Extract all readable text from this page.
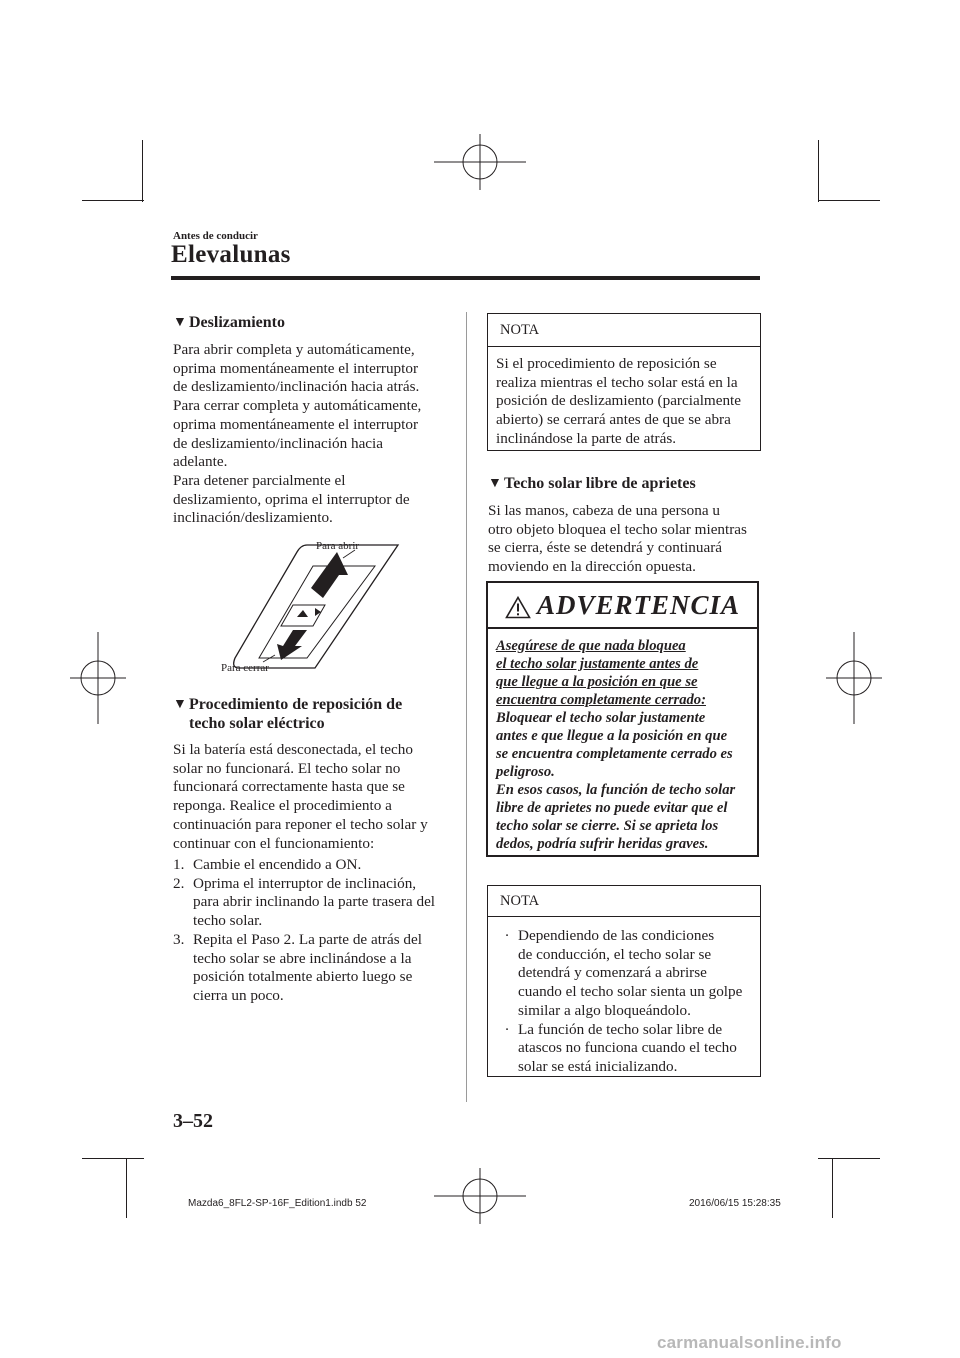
Antes de conducir
Elevalunas
▼ Deslizamiento

Para abrir completa y automáticamente,

oprima momentáneamente el interruptor

de deslizamiento/inclinación hacia atrás.

Para cerrar completa y automáticamente,

oprima momentáneamente el interruptor

de deslizamiento/inclinación hacia

adelante.

Para detener parcialmente el

deslizamiento, oprima el interruptor de

inclinación/deslizamiento.

Para abrir
Para cerrar
▼ Procedimiento de reposición de
techo solar eléctrico

Si la batería está desconectada, el techo

solar no funcionará. El techo solar no

funcionará correctamente hasta que se

reponga. Realice el procedimiento a

continuación para reponer el techo solar y

continuar con el funcionamiento:

1. Cambie el encendido a ON.
2. Oprima el interruptor de inclinación,
para abrir inclinando la parte trasera del
techo solar.
3. Repita el Paso 2. La parte de atrás del
techo solar se abre inclinándose a la
posición totalmente abierto luego se
cierra un poco.
NOTA

Si el procedimiento de reposición se

realiza mientras el techo solar está en la

posición de deslizamiento (parcialmente

abierto) se cerrará antes de que se abra

inclinándose la parte de atrás.

▼ Techo solar libre de aprietes

Si las manos, cabeza de una persona u

otro objeto bloquea el techo solar mientras

se cierra, éste se detendrá y continuará

moviendo en la dirección opuesta.

ADVERTENCIA
Asegúrese de que nada bloquea
el techo solar justamente antes de
que llegue a la posición en que se
encuentra completamente cerrado:
Bloquear el techo solar justamente
antes e que llegue a la posición en que
se encuentra completamente cerrado es
peligroso.
En esos casos, la función de techo solar
libre de aprietes no puede evitar que el
techo solar se cierre. Si se aprieta los
dedos, podría sufrir heridas graves.
NOTA
· Dependiendo de las condiciones
de conducción, el techo solar se
detendrá y comenzará a abrirse
cuando el techo solar sienta un golpe
similar a algo bloqueándolo.
· La función de techo solar libre de
atascos no funciona cuando el techo
solar se está inicializando.
3–52
Mazda6_8FL2-SP-16F_Edition1.indb 52	2016/06/15 15:28:35
carmanualsonline.info
